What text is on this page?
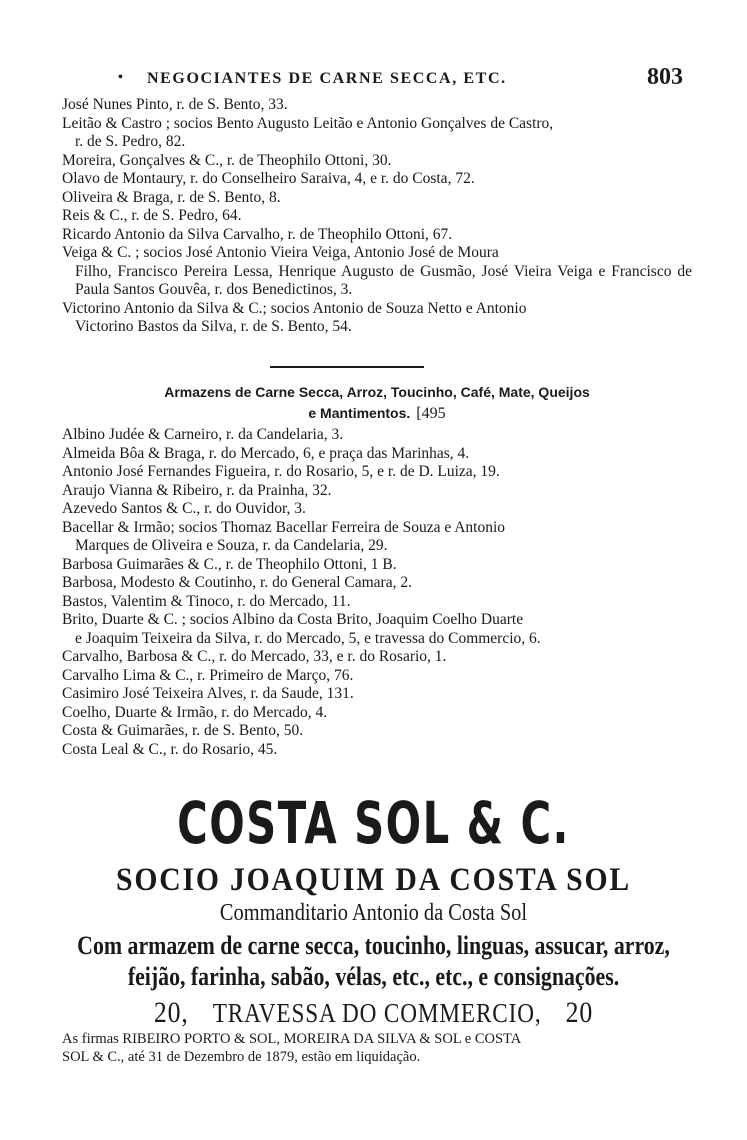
• NEGOCIANTES DE CARNE SECCA, ETC.	803
José Nunes Pinto, r. de S. Bento, 33.
Leitão & Castro ; socios Bento Augusto Leitão e Antonio Gonçalves de Castro,
r. de S. Pedro, 82.
Moreira, Gonçalves & C., r. de Theophilo Ottoni, 30.
Olavo de Montaury, r. do Conselheiro Saraiva, 4, e r. do Costa, 72.
Oliveira & Braga, r. de S. Bento, 8.
Reis & C., r. de S. Pedro, 64.
Ricardo Antonio da Silva Carvalho, r. de Theophilo Ottoni, 67.
Veiga & C. ; socios José Antonio Vieira Veiga, Antonio José de Moura
Filho, Francisco Pereira Lessa, Henrique Augusto de Gusmão, José Vieira Veiga e Francisco de Paula Santos Gouvêa, r. dos Benedictinos, 3.
Victorino Antonio da Silva & C.; socios Antonio de Souza Netto e Antonio
Victorino Bastos da Silva, r. de S. Bento, 54.
Armazens de Carne Secca, Arroz, Toucinho, Café, Mate, Queijos
e Mantimentos. [495
Albino Judée & Carneiro, r. da Candelaria, 3.
Almeida Bôa & Braga, r. do Mercado, 6, e praça das Marinhas, 4.
Antonio José Fernandes Figueira, r. do Rosario, 5, e r. de D. Luiza, 19.
Araujo Vianna & Ribeiro, r. da Prainha, 32.
Azevedo Santos & C., r. do Ouvidor, 3.
Bacellar & Irmão; socios Thomaz Bacellar Ferreira de Souza e Antonio
Marques de Oliveira e Souza, r. da Candelaria, 29.
Barbosa Guimarães & C., r. de Theophilo Ottoni, 1 B.
Barbosa, Modesto & Coutinho, r. do General Camara, 2.
Bastos, Valentim & Tinoco, r. do Mercado, 11.
Brito, Duarte & C. ; socios Albino da Costa Brito, Joaquim Coelho Duarte
e Joaquim Teixeira da Silva, r. do Mercado, 5, e travessa do Commercio, 6.
Carvalho, Barbosa & C., r. do Mercado, 33, e r. do Rosario, 1.
Carvalho Lima & C., r. Primeiro de Março, 76.
Casimiro José Teixeira Alves, r. da Saude, 131.
Coelho, Duarte & Irmão, r. do Mercado, 4.
Costa & Guimarães, r. de S. Bento, 50.
Costa Leal & C., r. do Rosario, 45.
COSTA SOL & C.
SOCIO JOAQUIM DA COSTA SOL
Commanditario Antonio da Costa Sol
Com armazem de carne secca, toucinho, linguas, assucar, arroz,
feijão, farinha, sabão, vélas, etc., etc., e consignações.
20, TRAVESSA DO COMMERCIO, 20
As firmas RIBEIRO PORTO & SOL, MOREIRA DA SILVA & SOL e COSTA
SOL & C., até 31 de Dezembro de 1879, estão em liquidação.
